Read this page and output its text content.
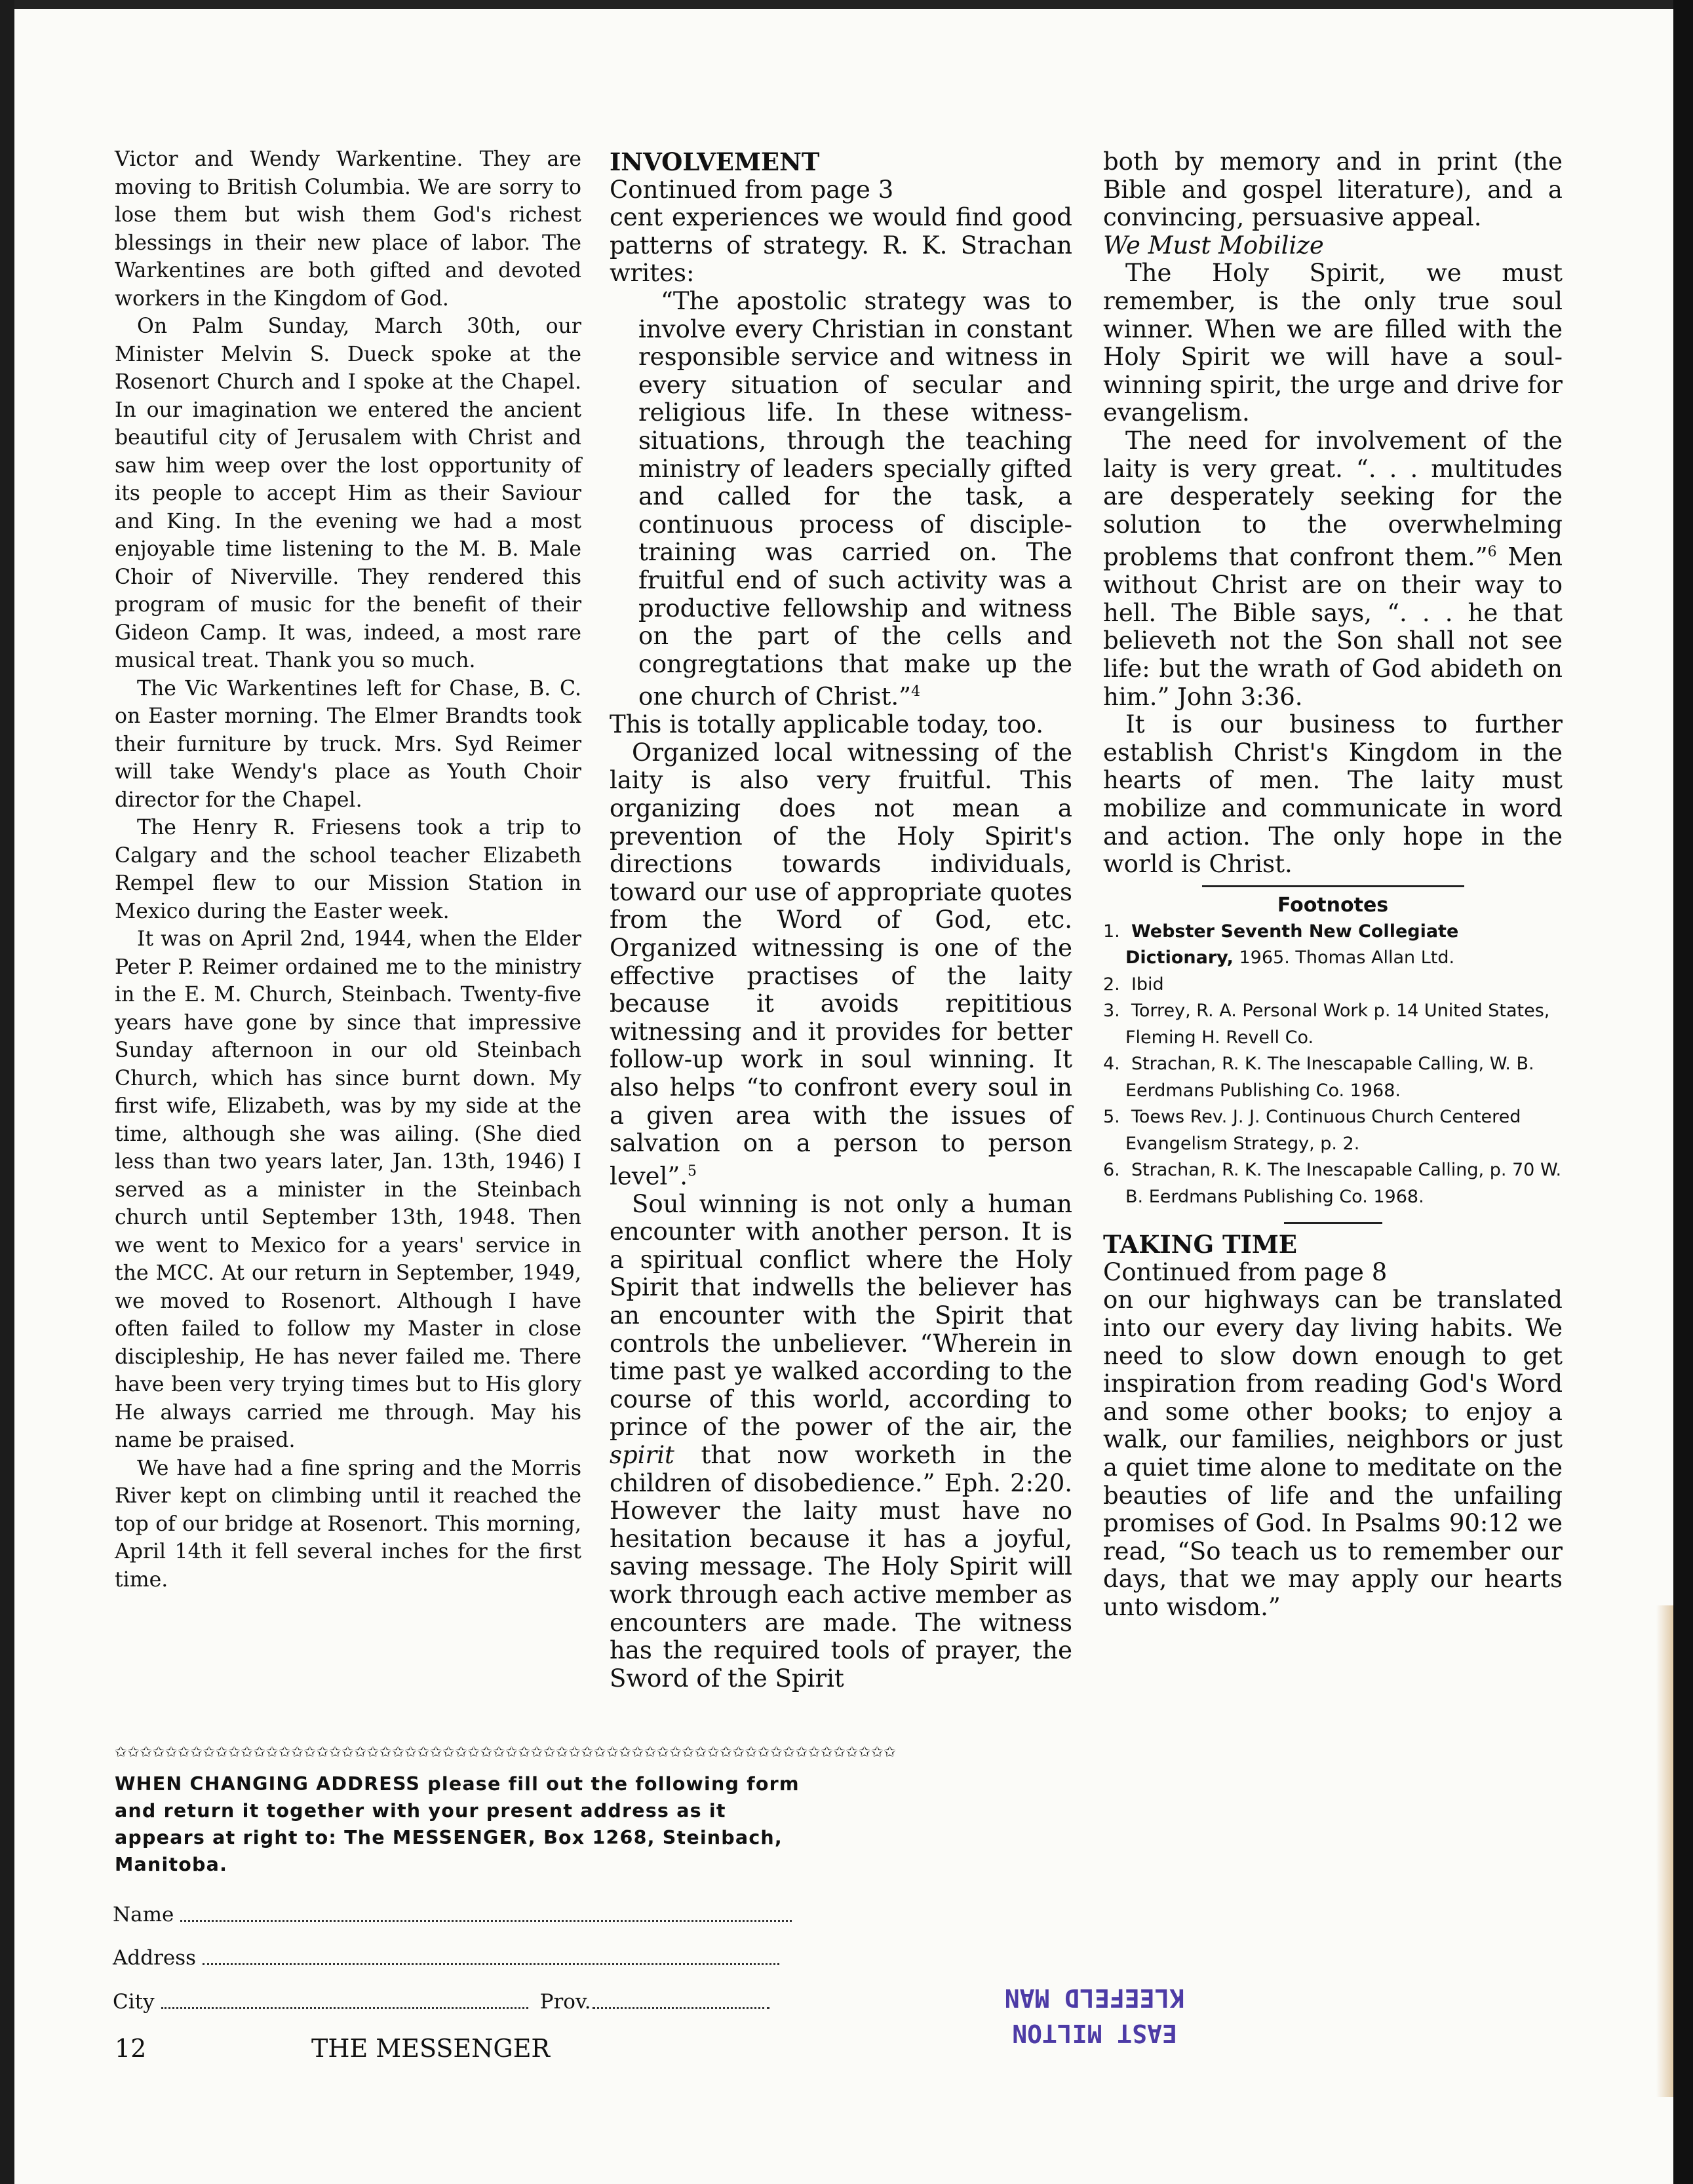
Victor and Wendy Warkentine. They are moving to British Columbia. We are sorry to lose them but wish them God's richest blessings in their new place of labor. The Warkentines are both gifted and devoted workers in the Kingdom of God.

On Palm Sunday, March 30th, our Minister Melvin S. Dueck spoke at the Rosenort Church and I spoke at the Chapel. In our imagination we entered the ancient beautiful city of Jerusalem with Christ and saw him weep over the lost opportunity of its people to accept Him as their Saviour and King. In the evening we had a most enjoyable time listening to the M. B. Male Choir of Niverville. They rendered this program of music for the benefit of their Gideon Camp. It was, indeed, a most rare musical treat. Thank you so much.

The Vic Warkentines left for Chase, B. C. on Easter morning. The Elmer Brandts took their furniture by truck. Mrs. Syd Reimer will take Wendy's place as Youth Choir director for the Chapel.

The Henry R. Friesens took a trip to Calgary and the school teacher Elizabeth Rempel flew to our Mission Station in Mexico during the Easter week.

It was on April 2nd, 1944, when the Elder Peter P. Reimer ordained me to the ministry in the E. M. Church, Steinbach. Twenty-five years have gone by since that impressive Sunday afternoon in our old Steinbach Church, which has since burnt down. My first wife, Elizabeth, was by my side at the time, although she was ailing. (She died less than two years later, Jan. 13th, 1946) I served as a minister in the Steinbach church until September 13th, 1948. Then we went to Mexico for a years' service in the MCC. At our return in September, 1949, we moved to Rosenort. Although I have often failed to follow my Master in close discipleship, He has never failed me. There have been very trying times but to His glory He always carried me through. May his name be praised.

We have had a fine spring and the Morris River kept on climbing until it reached the top of our bridge at Rosenort. This morning, April 14th it fell several inches for the first time.

INVOLVEMENT

Continued from page 3

cent experiences we would find good patterns of strategy. R. K. Strachan writes:

“The apostolic strategy was to involve every Christian in constant responsible service and witness in every situation of secular and religious life. In these witness-situations, through the teaching ministry of leaders specially gifted and called for the task, a continuous process of disciple-training was carried on. The fruitful end of such activity was a productive fellowship and witness on the part of the cells and congregtations that make up the one church of Christ.”$^4$

This is totally applicable today, too.

Organized local witnessing of the laity is also very fruitful. This organizing does not mean a prevention of the Holy Spirit's directions towards individuals, toward our use of appropriate quotes from the Word of God, etc. Organized witnessing is one of the effective practises of the laity because it avoids repititious witnessing and it provides for better follow-up work in soul winning. It also helps “to confront every soul in a given area with the issues of salvation on a person to person level”.$^5$

Soul winning is not only a human encounter with another person. It is a spiritual conflict where the Holy Spirit that indwells the believer has an encounter with the Spirit that controls the unbeliever. “Wherein in time past ye walked according to the course of this world, according to prince of the power of the air, the spirit that now worketh in the children of disobedience.” Eph. 2:20. However the laity must have no hesitation because it has a joyful, saving message. The Holy Spirit will work through each active member as encounters are made. The witness has the required tools of prayer, the Sword of the Spirit

both by memory and in print (the Bible and gospel literature), and a convincing, persuasive appeal.

We Must Mobilize

The Holy Spirit, we must remember, is the only true soul winner. When we are filled with the Holy Spirit we will have a soul-winning spirit, the urge and drive for evangelism.

The need for involvement of the laity is very great. “. . . multitudes are desperately seeking for the solution to the overwhelming problems that confront them.”$^6$ Men without Christ are on their way to hell. The Bible says, “. . . he that believeth not the Son shall not see life: but the wrath of God abideth on him.” John 3:36.

It is our business to further establish Christ's Kingdom in the hearts of men. The laity must mobilize and communicate in word and action. The only hope in the world is Christ.

Footnotes
1. Webster Seventh New Collegiate Dictionary, 1965. Thomas Allan Ltd.
2. Ibid
3. Torrey, R. A. Personal Work p. 14 United States, Fleming H. Revell Co.
4. Strachan, R. K. The Inescapable Calling, W. B. Eerdmans Publishing Co. 1968.
5. Toews Rev. J. J. Continuous Church Centered Evangelism Strategy, p. 2.
6. Strachan, R. K. The Inescapable Calling, p. 70 W. B. Eerdmans Publishing Co. 1968.

TAKING TIME

Continued from page 8

on our highways can be translated into our every day living habits. We need to slow down enough to get inspiration from reading God's Word and some other books; to enjoy a walk, our families, neighbors or just a quiet time alone to meditate on the beauties of life and the unfailing promises of God. In Psalms 90:12 we read, “So teach us to remember our days, that we may apply our hearts unto wisdom.”

✩✩✩✩✩✩✩✩✩✩✩✩✩✩✩✩✩✩✩✩✩✩✩✩✩✩✩✩✩✩✩✩✩✩✩✩✩✩✩✩✩✩✩✩✩✩✩✩✩✩✩✩✩✩✩✩✩✩✩✩✩✩

WHEN CHANGING ADDRESS please fill out the following form and return it together with your present address as it appears at right to: The MESSENGER, Box 1268, Steinbach, Manitoba.

Name
Address
City	Prov.
12	THE MESSENGER
KLEEFELD MAN
EAST MILTON
